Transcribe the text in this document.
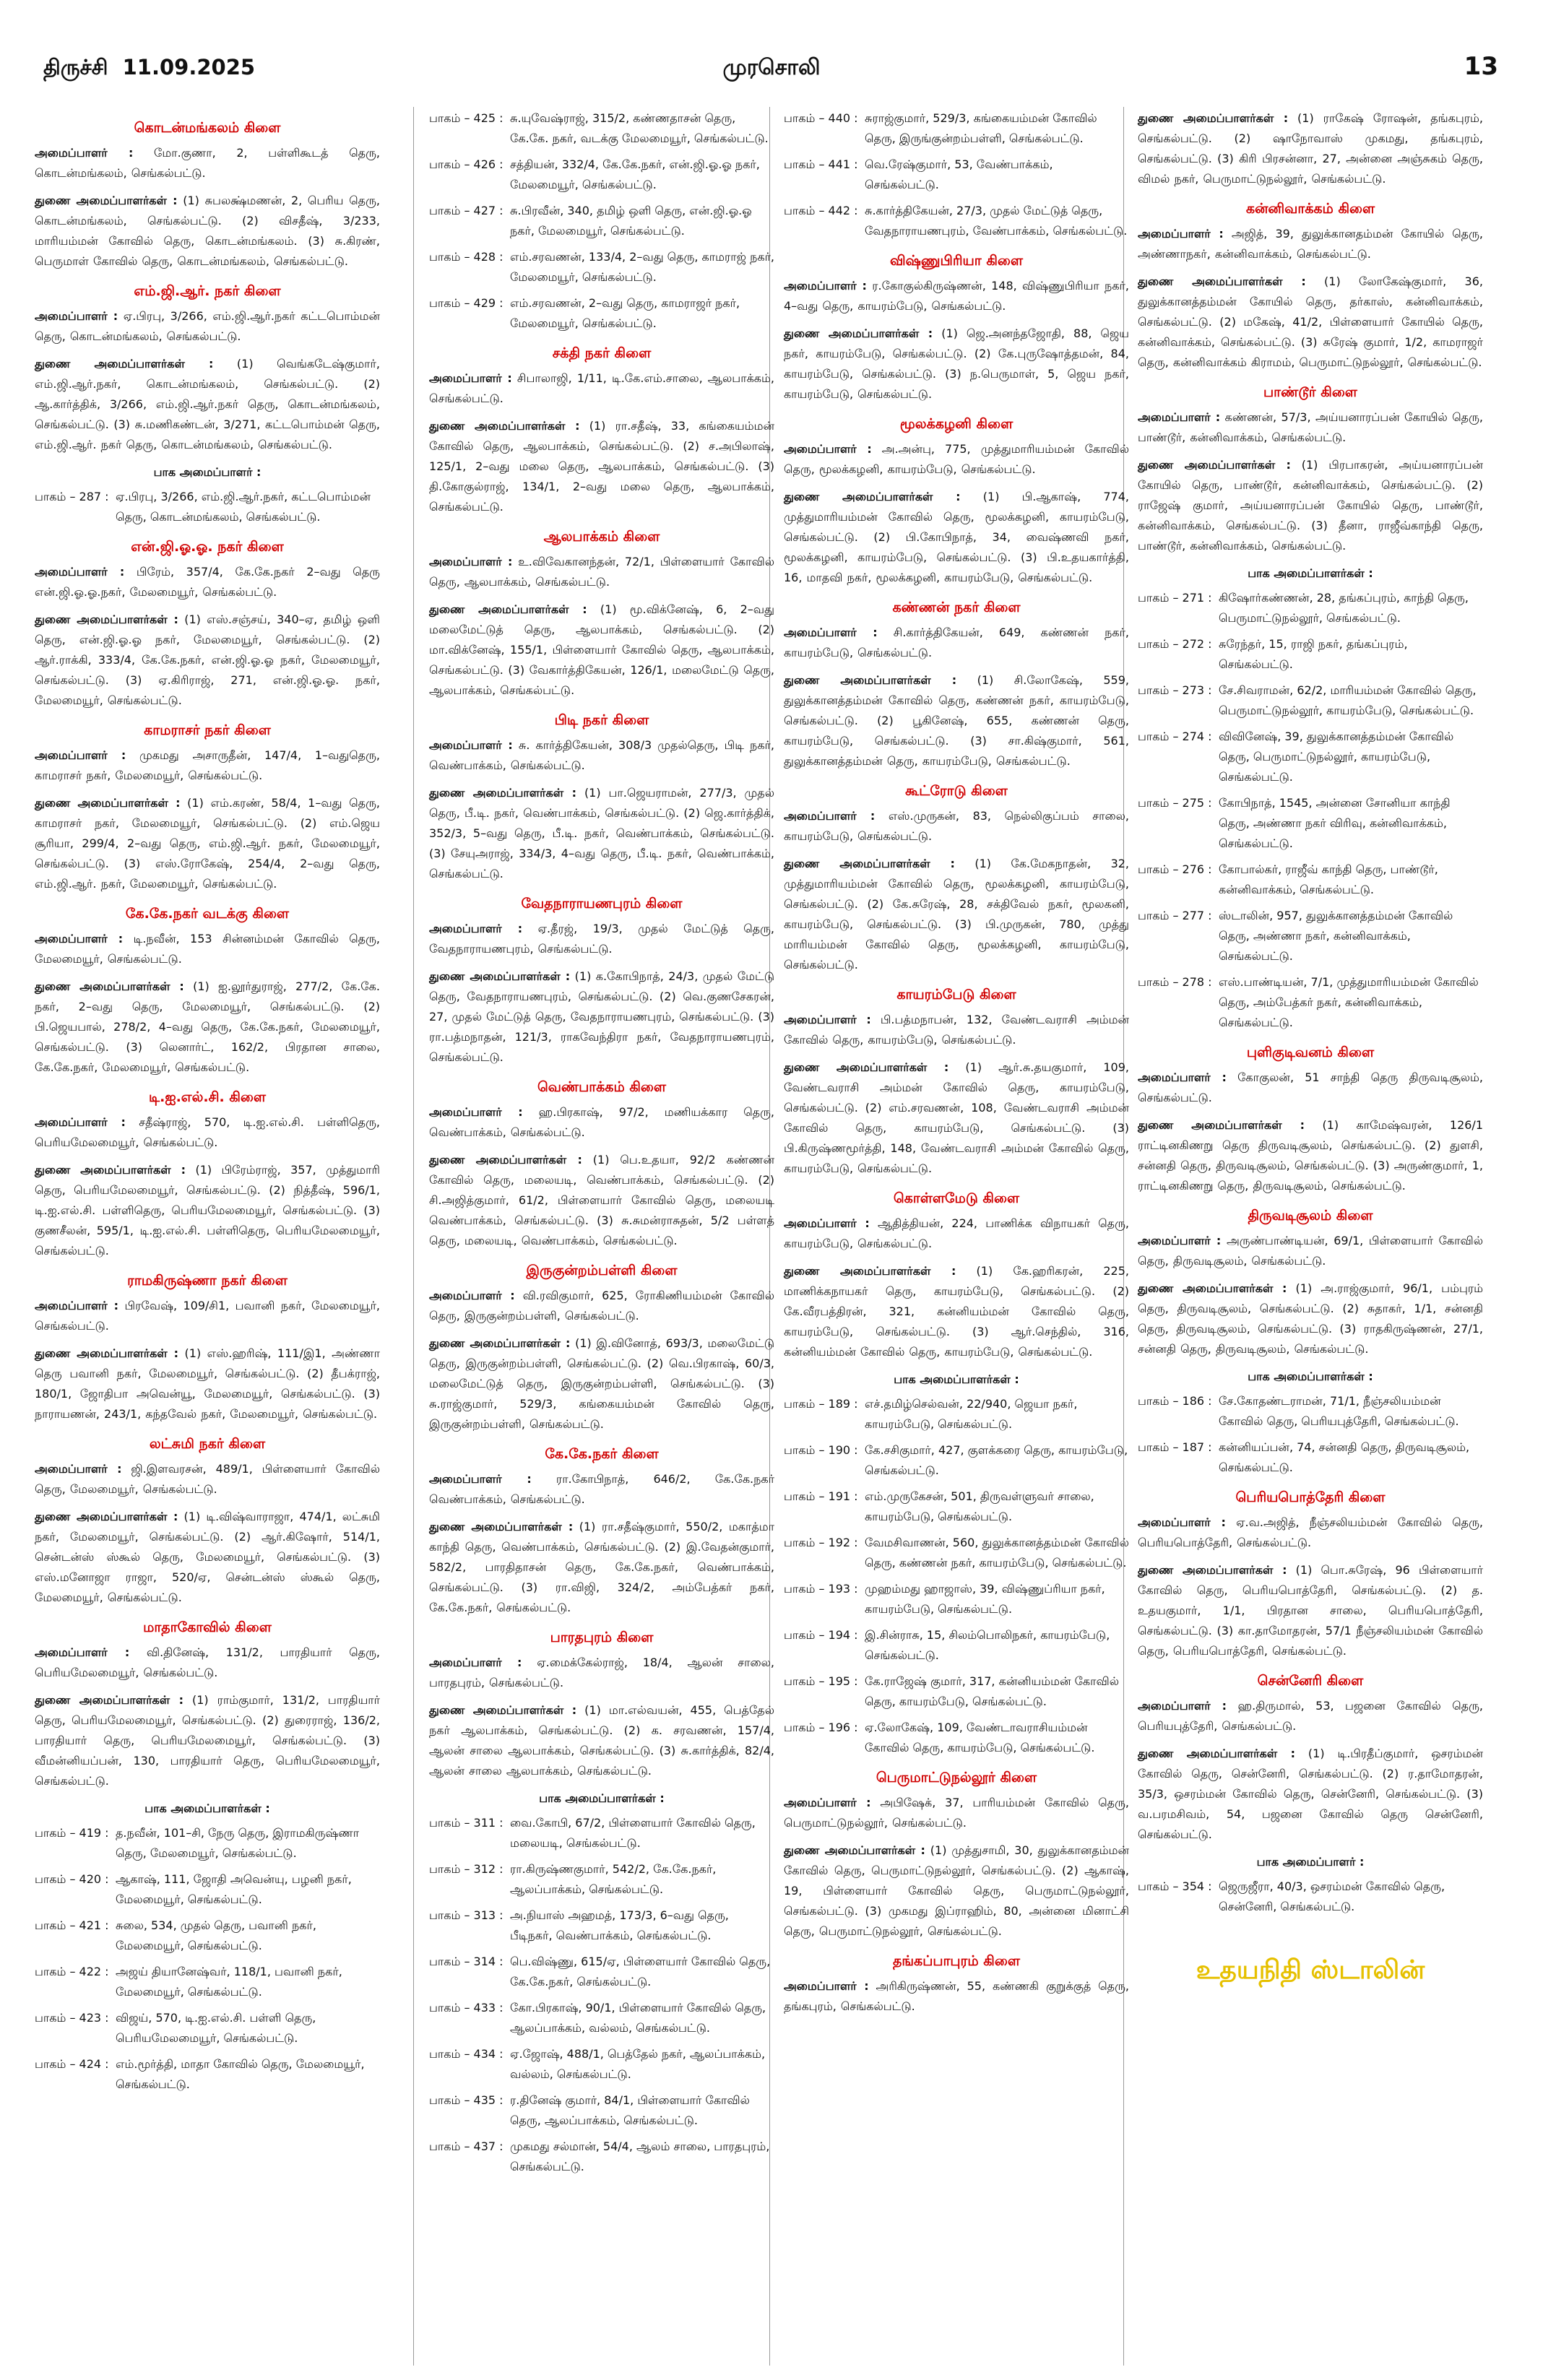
திருச்சி 11.09.2025	முரசொலி	13
கொடன்மங்கலம் கிளை
அமைப்பாளர் : மோ.குணா, 2, பள்ளிகூடத் தெரு, கொடன்மங்கலம், செங்கல்பட்டு.
துணை அமைப்பாளர்கள் : (1) சுபலக்ஷ்மணன், 2, பெரிய தெரு, கொடன்மங்கலம், செங்கல்பட்டு. (2) விசதீஷ், 3/233, மாரியம்மன் கோவில் தெரு, கொடன்மங்கலம். (3) சு.கிரண், பெருமாள் கோவில் தெரு, கொடன்மங்கலம், செங்கல்பட்டு.
எம்.ஜி.ஆர். நகர் கிளை
அமைப்பாளர் : ஏ.பிரபு, 3/266, எம்.ஜி.ஆர்.நகர் கட்டபொம்மன் தெரு, கொடன்மங்கலம், செங்கல்பட்டு.
துணை அமைப்பாளர்கள் : (1) வெங்கடேஷ்குமார், எம்.ஜி.ஆர்.நகர், கொடன்மங்கலம், செங்கல்பட்டு. (2) ஆ.கார்த்திக், 3/266, எம்.ஜி.ஆர்.நகர் தெரு, கொடன்மங்கலம், செங்கல்பட்டு. (3) சு.மணிகண்டன், 3/271, கட்டபொம்மன் தெரு, எம்.ஜி.ஆர். நகர் தெரு, கொடன்மங்கலம், செங்கல்பட்டு.
பாக அமைப்பாளர் :
பாகம் – 287 : ஏ.பிரபு, 3/266, எம்.ஜி.ஆர்.நகர், கட்டபொம்மன் தெரு, கொடன்மங்கலம், செங்கல்பட்டு.
என்.ஜி.ஓ.ஓ. நகர் கிளை
அமைப்பாளர் : பிரேம், 357/4, கே.கே.நகர் 2–வது தெரு என்.ஜி.ஓ.ஓ.நகர், மேலமையூர், செங்கல்பட்டு.
துணை அமைப்பாளர்கள் : (1) எஸ்.சஞ்சய், 340–ஏ, தமிழ் ஒளி தெரு, என்.ஜி.ஓ.ஓ நகர், மேலமையூர், செங்கல்பட்டு. (2) ஆர்.ராக்கி, 333/4, கே.கே.நகர், என்.ஜி.ஓ.ஓ நகர், மேலமையூர், செங்கல்பட்டு. (3) ஏ.கிரிராஜ், 271, என்.ஜி.ஓ.ஓ. நகர், மேலமையூர், செங்கல்பட்டு.
காமராசர் நகர் கிளை
அமைப்பாளர் : முகமது அசாருதீன், 147/4, 1–வதுதெரு, காமராசர் நகர், மேலமையூர், செங்கல்பட்டு.
துணை அமைப்பாளர்கள் : (1) எம்.கரண், 58/4, 1–வது தெரு, காமராசர் நகர், மேலமையூர், செங்கல்பட்டு. (2) எம்.ஜெய சூரியா, 299/4, 2–வது தெரு, எம்.ஜி.ஆர். நகர், மேலமையூர், செங்கல்பட்டு. (3) எஸ்.ரோகேஷ், 254/4, 2–வது தெரு, எம்.ஜி.ஆர். நகர், மேலமையூர், செங்கல்பட்டு.
கே.கே.நகர் வடக்கு கிளை
அமைப்பாளர் : டி.நவீன், 153 சின்னம்மன் கோவில் தெரு, மேலமையூர், செங்கல்பட்டு.
துணை அமைப்பாளர்கள் : (1) ஐ.லூர்துராஜ், 277/2, கே.கே. நகர், 2–வது தெரு, மேலமையூர், செங்கல்பட்டு. (2) பி.ஜெயபால், 278/2, 4–வது தெரு, கே.கே.நகர், மேலமையூர், செங்கல்பட்டு. (3) லெனார்ட், 162/2, பிரதான சாலை, கே.கே.நகர், மேலமையூர், செங்கல்பட்டு.
டி.ஐ.எல்.சி. கிளை
அமைப்பாளர் : சதீஷ்ராஜ், 570, டி.ஐ.எல்.சி. பள்ளிதெரு, பெரியமேலமையூர், செங்கல்பட்டு.
துணை அமைப்பாளர்கள் : (1) பிரேம்ராஜ், 357, முத்துமாரி தெரு, பெரியமேலமையூர், செங்கல்பட்டு. (2) நித்தீஷ், 596/1, டி.ஐ.எல்.சி. பள்ளிதெரு, பெரியமேலமையூர், செங்கல்பட்டு. (3) குணசீலன், 595/1, டி.ஐ.எல்.சி. பள்ளிதெரு, பெரியமேலமையூர், செங்கல்பட்டு.
ராமகிருஷ்ணா நகர் கிளை
அமைப்பாளர் : பிரவேஷ், 109/சி1, பவானி நகர், மேலமையூர், செங்கல்பட்டு.
துணை அமைப்பாளர்கள் : (1) எஸ்.ஹரிஷ், 111/இ1, அண்ணா தெரு பவானி நகர், மேலமையூர், செங்கல்பட்டு. (2) தீபக்ராஜ், 180/1, ஜோதிபா அவென்யூ, மேலமையூர், செங்கல்பட்டு. (3) நாராயணன், 243/1, கந்தவேல் நகர், மேலமையூர், செங்கல்பட்டு.
லட்சுமி நகர் கிளை
அமைப்பாளர் : ஜி.இளவரசன், 489/1, பிள்ளையார் கோவில் தெரு, மேலமையூர், செங்கல்பட்டு.
துணை அமைப்பாளர்கள் : (1) டி.விஷ்வாராஜா, 474/1, லட்சுமி நகர், மேலமையூர், செங்கல்பட்டு. (2) ஆர்.கிஷோர், 514/1, சென்டன்ஸ் ஸ்கூல் தெரு, மேலமையூர், செங்கல்பட்டு. (3) எஸ்.மனோஜா ராஜா, 520/ஏ, சென்டன்ஸ் ஸ்கூல் தெரு, மேலமையூர், செங்கல்பட்டு.
மாதாகோவில் கிளை
அமைப்பாளர் : வி.தினேஷ், 131/2, பாரதியார் தெரு, பெரியமேலமையூர், செங்கல்பட்டு.
துணை அமைப்பாளர்கள் : (1) ராம்குமார், 131/2, பாரதியார் தெரு, பெரியமேலமையூர், செங்கல்பட்டு. (2) துரைராஜ், 136/2, பாரதியார் தெரு, பெரியமேலமையூர், செங்கல்பட்டு. (3) வீமன்னியப்பன், 130, பாரதியார் தெரு, பெரியமேலமையூர், செங்கல்பட்டு.
பாக அமைப்பாளர்கள் :
பாகம் – 419 : த.நவீன், 101–சி, நேரு தெரு, இராமகிருஷ்ணா தெரு, மேலமையூர், செங்கல்பட்டு.
பாகம் – 420 : ஆகாஷ், 111, ஜோதி அவென்யு, பழனி நகர், மேலமையூர், செங்கல்பட்டு.
பாகம் – 421 : சுலை, 534, முதல் தெரு, பவானி நகர், மேலமையூர், செங்கல்பட்டு.
பாகம் – 422 : அஜய் தியானேஷ்வர், 118/1, பவானி நகர், மேலமையூர், செங்கல்பட்டு.
பாகம் – 423 : விஜய், 570, டி.ஐ.எல்.சி. பள்ளி தெரு, பெரியமேலமையூர், செங்கல்பட்டு.
பாகம் – 424 : எம்.மூர்த்தி, மாதா கோவில் தெரு, மேலமையூர், செங்கல்பட்டு.
பாகம் – 425 : சு.யுவேஷ்ராஜ், 315/2, கண்ணதாசன் தெரு, கே.கே. நகர், வடக்கு மேலமையூர், செங்கல்பட்டு.
பாகம் – 426 : சத்தியன், 332/4, கே.கே.நகர், என்.ஜி.ஓ.ஓ நகர், மேலமையூர், செங்கல்பட்டு.
பாகம் – 427 : சு.பிரவீன், 340, தமிழ் ஒளி தெரு, என்.ஜி.ஓ.ஓ நகர், மேலமையூர், செங்கல்பட்டு.
பாகம் – 428 : எம்.சரவணன், 133/4, 2–வது தெரு, காமராஜ் நகர், மேலமையூர், செங்கல்பட்டு.
பாகம் – 429 : எம்.சரவணன், 2–வது தெரு, காமராஜர் நகர், மேலமையூர், செங்கல்பட்டு.
சக்தி நகர் கிளை
அமைப்பாளர் : சிபாலாஜி, 1/11, டி.கே.எம்.சாலை, ஆலபாக்கம், செங்கல்பட்டு.
துணை அமைப்பாளர்கள் : (1) ரா.சதீஷ், 33, கங்கையம்மன் கோவில் தெரு, ஆலபாக்கம், செங்கல்பட்டு. (2) ச.அபிலாஷ், 125/1, 2–வது மலை தெரு, ஆலபாக்கம், செங்கல்பட்டு. (3) தி.கோகுல்ராஜ், 134/1, 2–வது மலை தெரு, ஆலபாக்கம், செங்கல்பட்டு.
ஆலபாக்கம் கிளை
அமைப்பாளர் : உ.விவேகானந்தன், 72/1, பிள்ளையார் கோவில் தெரு, ஆலபாக்கம், செங்கல்பட்டு.
துணை அமைப்பாளர்கள் : (1) மூ.விக்னேஷ், 6, 2–வது மலைமேட்டுத் தெரு, ஆலபாக்கம், செங்கல்பட்டு. (2) மா.விக்னேஷ், 155/1, பிள்ளையார் கோவில் தெரு, ஆலபாக்கம், செங்கல்பட்டு. (3) வேகார்த்திகேயன், 126/1, மலைமேட்டு தெரு, ஆலபாக்கம், செங்கல்பட்டு.
பிடி நகர் கிளை
அமைப்பாளர் : சு. கார்த்திகேயன், 308/3 முதல்தெரு, பிடி நகர், வெண்பாக்கம், செங்கல்பட்டு.
துணை அமைப்பாளர்கள் : (1) பா.ஜெயராமன், 277/3, முதல் தெரு, பீ.டி. நகர், வெண்பாக்கம், செங்கல்பட்டு. (2) ஜெ.கார்த்திக், 352/3, 5–வது தெரு, பீ.டி. நகர், வெண்பாக்கம், செங்கல்பட்டு. (3) சேயுஅராஜ், 334/3, 4–வது தெரு, பீ.டி. நகர், வெண்பாக்கம், செங்கல்பட்டு.
வேதநாராயணபுரம் கிளை
அமைப்பாளர் : ஏ.தீரஜ், 19/3, முதல் மேட்டுத் தெரு, வேதநாராயணபுரம், செங்கல்பட்டு.
துணை அமைப்பாளர்கள் : (1) க.கோபிநாத், 24/3, முதல் மேட்டு தெரு, வேதநாராயணபுரம், செங்கல்பட்டு. (2) வெ.குணசேகரன், 27, முதல் மேட்டுத் தெரு, வேதநாராயணபுரம், செங்கல்பட்டு. (3) ரா.பத்மநாதன், 121/3, ராகவேந்திரா நகர், வேதநாராயணபுரம், செங்கல்பட்டு.
வெண்பாக்கம் கிளை
அமைப்பாளர் : ஹ.பிரகாஷ், 97/2, மணியக்கார தெரு, வெண்பாக்கம், செங்கல்பட்டு.
துணை அமைப்பாளர்கள் : (1) பெ.உதயா, 92/2 கண்ணன் கோவில் தெரு, மலையடி, வெண்பாக்கம், செங்கல்பட்டு. (2) சி.அஜித்குமார், 61/2, பிள்ளையார் கோவில் தெரு, மலையடி வெண்பாக்கம், செங்கல்பட்டு. (3) சு.சுமன்ராசுதன், 5/2 பள்ளத் தெரு, மலையடி, வெண்பாக்கம், செங்கல்பட்டு.
இருகுன்றம்பள்ளி கிளை
அமைப்பாளர் : வி.ரவிகுமார், 625, ரோகிணியம்மன் கோவில் தெரு, இருகுன்றம்பள்ளி, செங்கல்பட்டு.
துணை அமைப்பாளர்கள் : (1) இ.வினோத், 693/3, மலைமேட்டு தெரு, இருகுன்றம்பள்ளி, செங்கல்பட்டு. (2) வெ.பிரகாஷ், 60/3, மலைமேட்டுத் தெரு, இருகுன்றம்பள்ளி, செங்கல்பட்டு. (3) சு.ராஜ்குமார், 529/3, கங்கையம்மன் கோவில் தெரு, இருகுன்றம்பள்ளி, செங்கல்பட்டு.
கே.கே.நகர் கிளை
அமைப்பாளர் : ரா.கோபிநாத், 646/2, கே.கே.நகர் வெண்பாக்கம், செங்கல்பட்டு.
துணை அமைப்பாளர்கள் : (1) ரா.சதீஷ்குமார், 550/2, மகாத்மா காந்தி தெரு, வெண்பாக்கம், செங்கல்பட்டு. (2) இ.வேதன்குமார், 582/2, பாரதிதாசன் தெரு, கே.கே.நகர், வெண்பாக்கம், செங்கல்பட்டு. (3) ரா.விஜி, 324/2, அம்பேத்கர் நகர், கே.கே.நகர், செங்கல்பட்டு.
பாரதபுரம் கிளை
அமைப்பாளர் : ஏ.மைக்கேல்ராஜ், 18/4, ஆலன் சாலை, பாரதபுரம், செங்கல்பட்டு.
துணை அமைப்பாளர்கள் : (1) மா.எல்வயன், 455, பெத்தேல் நகர் ஆலபாக்கம், செங்கல்பட்டு. (2) க. சரவணன், 157/4, ஆலன் சாலை ஆலபாக்கம், செங்கல்பட்டு. (3) சு.கார்த்திக், 82/4, ஆலன் சாலை ஆலபாக்கம், செங்கல்பட்டு.
பாக அமைப்பாளர்கள் :
பாகம் – 311 : வை.கோபி, 67/2, பிள்ளையார் கோவில் தெரு, மலையடி, செங்கல்பட்டு.
பாகம் – 312 : ரா.கிருஷ்ணகுமார், 542/2, கே.கே.நகர், ஆலப்பாக்கம், செங்கல்பட்டு.
பாகம் – 313 : அ.நியாஸ் அஹமத், 173/3, 6–வது தெரு, பீடிநகர், வெண்பாக்கம், செங்கல்பட்டு.
பாகம் – 314 : பெ.விஷ்ணு, 615/ஏ, பிள்ளையார் கோவில் தெரு, கே.கே.நகர், செங்கல்பட்டு.
பாகம் – 433 : கோ.பிரகாஷ், 90/1, பிள்ளையார் கோவில் தெரு, ஆலப்பாக்கம், வல்லம், செங்கல்பட்டு.
பாகம் – 434 : ஏ.ஜோஷ், 488/1, பெத்தேல் நகர், ஆலப்பாக்கம், வல்லம், செங்கல்பட்டு.
பாகம் – 435 : ர.தினேஷ் குமார், 84/1, பிள்ளையார் கோவில் தெரு, ஆலப்பாக்கம், செங்கல்பட்டு.
பாகம் – 437 : முகமது சல்மான், 54/4, ஆலம் சாலை, பாரதபுரம், செங்கல்பட்டு.
பாகம் – 440 : சுராஜ்குமார், 529/3, கங்கையம்மன் கோவில் தெரு, இருங்குன்றம்பள்ளி, செங்கல்பட்டு.
பாகம் – 441 : வெ.ரேஷ்குமார், 53, வேண்பாக்கம், செங்கல்பட்டு.
பாகம் – 442 : சு.கார்த்திகேயன், 27/3, முதல் மேட்டுத் தெரு, வேதநாராயணபுரம், வேண்பாக்கம், செங்கல்பட்டு.
விஷ்ணுபிரியா கிளை
அமைப்பாளர் : ர.கோகுல்கிருஷ்ணன், 148, விஷ்ணுபிரியா நகர், 4–வது தெரு, காயரம்பேடு, செங்கல்பட்டு.
துணை அமைப்பாளர்கள் : (1) ஜெ.அனந்தஜோதி, 88, ஜெய நகர், காயரம்பேடு, செங்கல்பட்டு. (2) கே.புருஷோத்தமன், 84, காயரம்பேடு, செங்கல்பட்டு. (3) ந.பெருமாள், 5, ஜெய நகர், காயரம்பேடு, செங்கல்பட்டு.
மூலக்கழனி கிளை
அமைப்பாளர் : அ.அன்பு, 775, முத்துமாரியம்மன் கோவில் தெரு, மூலக்கழனி, காயரம்பேடு, செங்கல்பட்டு.
துணை அமைப்பாளர்கள் : (1) பி.ஆகாஷ், 774, முத்துமாரியம்மன் கோவில் தெரு, மூலக்கழனி, காயரம்பேடு, செங்கல்பட்டு. (2) பி.கோபிநாத், 34, வைஷ்ணவி நகர், மூலக்கழனி, காயரம்பேடு, செங்கல்பட்டு. (3) பி.உதயகார்த்தி, 16, மாதவி நகர், மூலக்கழனி, காயரம்பேடு, செங்கல்பட்டு.
கண்ணன் நகர் கிளை
அமைப்பாளர் : சி.கார்த்திகேயன், 649, கண்ணன் நகர், காயரம்பேடு, செங்கல்பட்டு.
துணை அமைப்பாளர்கள் : (1) சி.லோகேஷ், 559, துலுக்கானத்தம்மன் கோவில் தெரு, கண்ணன் நகர், காயரம்பேடு, செங்கல்பட்டு. (2) பூகினேஷ், 655, கண்ணன் தெரு, காயரம்பேடு, செங்கல்பட்டு. (3) சா.கிஷ்குமார், 561, துலுக்கானத்தம்மன் தெரு, காயரம்பேடு, செங்கல்பட்டு.
கூட்ரோடு கிளை
அமைப்பாளர் : எஸ்.முருகன், 83, நெல்லிகுப்பம் சாலை, காயரம்பேடு, செங்கல்பட்டு.
துணை அமைப்பாளர்கள் : (1) கே.மேகநாதன், 32, முத்துமாரியம்மன் கோவில் தெரு, மூலக்கழனி, காயரம்பேடு, செங்கல்பட்டு. (2) கே.சுரேஷ், 28, சக்திவேல் நகர், மூலகனி, காயரம்பேடு, செங்கல்பட்டு. (3) பி.முருகன், 780, முத்து மாரியம்மன் கோவில் தெரு, மூலக்கழனி, காயரம்பேடு, செங்கல்பட்டு.
காயரம்பேடு கிளை
அமைப்பாளர் : பி.பத்மநாபன், 132, வேண்டவராசி அம்மன் கோவில் தெரு, காயரம்பேடு, செங்கல்பட்டு.
துணை அமைப்பாளர்கள் : (1) ஆர்.சு.தயகுமார், 109, வேண்டவராசி அம்மன் கோவில் தெரு, காயரம்பேடு, செங்கல்பட்டு. (2) எம்.சரவணன், 108, வேண்டவராசி அம்மன் கோவில் தெரு, காயரம்பேடு, செங்கல்பட்டு. (3) பி.கிருஷ்ணமூர்த்தி, 148, வேண்டவராசி அம்மன் கோவில் தெரு, காயரம்பேடு, செங்கல்பட்டு.
கொள்ளமேடு கிளை
அமைப்பாளர் : ஆதித்தியன், 224, பாணிக்க விநாயகர் தெரு, காயரம்பேடு, செங்கல்பட்டு.
துணை அமைப்பாளர்கள் : (1) கே.ஹரிகரன், 225, மாணிக்கநாயகர் தெரு, காயரம்பேடு, செங்கல்பட்டு. (2) கே.வீரபத்திரன், 321, கன்னியம்மன் கோவில் தெரு, காயரம்பேடு, செங்கல்பட்டு. (3) ஆர்.செந்தில், 316, கன்னியம்மன் கோவில் தெரு, காயரம்பேடு, செங்கல்பட்டு.
பாக அமைப்பாளர்கள் :
பாகம் – 189 : எச்.தமிழ்செல்வன், 22/940, ஜெயா நகர், காயரம்பேடு, செங்கல்பட்டு.
பாகம் – 190 : கே.சசிகுமார், 427, குளக்கரை தெரு, காயரம்பேடு, செங்கல்பட்டு.
பாகம் – 191 : எம்.முருகேசன், 501, திருவள்ளுவர் சாலை, காயரம்பேடு, செங்கல்பட்டு.
பாகம் – 192 : வேமசிவாணன், 560, துலுக்கானத்தம்மன் கோவில் தெரு, கண்ணன் நகர், காயரம்பேடு, செங்கல்பட்டு.
பாகம் – 193 : முஹம்மது ஹாஜாஸ், 39, விஷ்ணுப்ரியா நகர், காயரம்பேடு, செங்கல்பட்டு.
பாகம் – 194 : இ.சின்ராசு, 15, சிலம்பொலிநகர், காயரம்பேடு, செங்கல்பட்டு.
பாகம் – 195 : கே.ராஜேஷ் குமார், 317, கன்னியம்மன் கோவில் தெரு, காயரம்பேடு, செங்கல்பட்டு.
பாகம் – 196 : ஏ.லோகேஷ், 109, வேண்டாவராசியம்மன் கோவில் தெரு, காயரம்பேடு, செங்கல்பட்டு.
பெருமாட்டுநல்லூர் கிளை
அமைப்பாளர் : அபிஷேக், 37, பாரியம்மன் கோவில் தெரு, பெருமாட்டுநல்லூர், செங்கல்பட்டு.
துணை அமைப்பாளர்கள் : (1) முத்துசாமி, 30, துலுக்கானதம்மன் கோவில் தெரு, பெருமாட்டுநல்லூர், செங்கல்பட்டு. (2) ஆகாஷ், 19, பிள்ளையார் கோவில் தெரு, பெருமாட்டுநல்லூர், செங்கல்பட்டு. (3) முகமது இப்ராஹிம், 80, அன்னை மினாட்சி தெரு, பெருமாட்டுநல்லூர், செங்கல்பட்டு.
தங்கப்பாபுரம் கிளை
அமைப்பாளர் : அரிகிருஷ்ணன், 55, கண்ணகி குறுக்குத் தெரு, தங்கபுரம், செங்கல்பட்டு.
துணை அமைப்பாளர்கள் : (1) ராகேஷ் ரோஷன், தங்கபுரம், செங்கல்பட்டு. (2) ஷாநோவாஸ் முகமது, தங்கபுரம், செங்கல்பட்டு. (3) கிரி பிரசன்னா, 27, அன்னை அஞ்சுகம் தெரு, விமல் நகர், பெருமாட்டுநல்லூர், செங்கல்பட்டு.
கன்னிவாக்கம் கிளை
அமைப்பாளர் : அஜித், 39, துலுக்கானதம்மன் கோயில் தெரு, அண்ணாநகர், கன்னிவாக்கம், செங்கல்பட்டு.
துணை அமைப்பாளர்கள் : (1) லோகேஷ்குமார், 36, துலுக்கானத்தம்மன் கோயில் தெரு, தர்காஸ், கன்னிவாக்கம், செங்கல்பட்டு. (2) மகேஷ், 41/2, பிள்ளையார் கோயில் தெரு, கன்னிவாக்கம், செங்கல்பட்டு. (3) சுரேஷ் குமார், 1/2, காமராஜர் தெரு, கன்னிவாக்கம் கிராமம், பெருமாட்டுநல்லூர், செங்கல்பட்டு.
பாண்டூர் கிளை
அமைப்பாளர் : கண்ணன், 57/3, அய்யனாரப்பன் கோயில் தெரு, பாண்டூர், கன்னிவாக்கம், செங்கல்பட்டு.
துணை அமைப்பாளர்கள் : (1) பிரபாகரன், அய்யனாரப்பன் கோயில் தெரு, பாண்டூர், கன்னிவாக்கம், செங்கல்பட்டு. (2) ராஜேஷ் குமார், அய்யனாரப்பன் கோயில் தெரு, பாண்டூர், கன்னிவாக்கம், செங்கல்பட்டு. (3) தீனா, ராஜீவ்காந்தி தெரு, பாண்டூர், கன்னிவாக்கம், செங்கல்பட்டு.
பாக அமைப்பாளர்கள் :
பாகம் – 271 : கிஷோர்கண்ணன், 28, தங்கப்புரம், காந்தி தெரு, பெருமாட்டுநல்லூர், செங்கல்பட்டு.
பாகம் – 272 : சுரேந்தர், 15, ராஜி நகர், தங்கப்புரம், செங்கல்பட்டு.
பாகம் – 273 : சே.சிவராமன், 62/2, மாரியம்மன் கோவில் தெரு, பெருமாட்டுநல்லூர், காயரம்பேடு, செங்கல்பட்டு.
பாகம் – 274 : விவினேஷ், 39, துலுக்கானத்தம்மன் கோவில் தெரு, பெருமாட்டுநல்லூர், காயரம்பேடு, செங்கல்பட்டு.
பாகம் – 275 : கோபிநாத், 1545, அன்னை சோனியா காந்தி தெரு, அண்ணா நகர் விரிவு, கன்னிவாக்கம், செங்கல்பட்டு.
பாகம் – 276 : கோபால்கர், ராஜீவ் காந்தி தெரு, பாண்டூர், கன்னிவாக்கம், செங்கல்பட்டு.
பாகம் – 277 : ஸ்டாலின், 957, துலுக்கானத்தம்மன் கோவில் தெரு, அண்ணா நகர், கன்னிவாக்கம், செங்கல்பட்டு.
பாகம் – 278 : எஸ்.பாண்டியன், 7/1, முத்துமாரியம்மன் கோவில் தெரு, அம்பேத்கர் நகர், கன்னிவாக்கம், செங்கல்பட்டு.
புளிகுடிவனம் கிளை
அமைப்பாளர் : கோகுலன், 51 சாந்தி தெரு திருவடிசூலம், செங்கல்பட்டு.
துணை அமைப்பாளர்கள் : (1) காமேஷ்வரன், 126/1 ராட்டினகிணறு தெரு திருவடிசூலம், செங்கல்பட்டு. (2) துளசி, சன்னதி தெரு, திருவடிசூலம், செங்கல்பட்டு. (3) அருண்குமார், 1, ராட்டினகிணறு தெரு, திருவடிசூலம், செங்கல்பட்டு.
திருவடிசூலம் கிளை
அமைப்பாளர் : அருண்பாண்டியன், 69/1, பிள்ளையார் கோவில் தெரு, திருவடிசூலம், செங்கல்பட்டு.
துணை அமைப்பாளர்கள் : (1) அ.ராஜ்குமார், 96/1, பம்புரம் தெரு, திருவடிசூலம், செங்கல்பட்டு. (2) சுதாகர், 1/1, சன்னதி தெரு, திருவடிசூலம், செங்கல்பட்டு. (3) ராதகிருஷ்ணன், 27/1, சன்னதி தெரு, திருவடிசூலம், செங்கல்பட்டு.
பாக அமைப்பாளர்கள் :
பாகம் – 186 : சே.கோதண்டராமன், 71/1, நீஞ்சலியம்மன் கோவில் தெரு, பெரியபுத்தேரி, செங்கல்பட்டு.
பாகம் – 187 : கன்னியப்பன், 74, சன்னதி தெரு, திருவடிசூலம், செங்கல்பட்டு.
பெரியபொத்தேரி கிளை
அமைப்பாளர் : ஏ.வ.அஜித், நீஞ்சலியம்மன் கோவில் தெரு, பெரியபொத்தேரி, செங்கல்பட்டு.
துணை அமைப்பாளர்கள் : (1) பொ.சுரேஷ், 96 பிள்ளையார் கோவில் தெரு, பெரியபொத்தேரி, செங்கல்பட்டு. (2) த. உதயகுமார், 1/1, பிரதான சாலை, பெரியபொத்தேரி, செங்கல்பட்டு. (3) கா.தாமோதரன், 57/1 நீஞ்சலியம்மன் கோவில் தெரு, பெரியபொத்தேரி, செங்கல்பட்டு.
சென்னேரி கிளை
அமைப்பாளர் : ஹ.திருமால், 53, பஜனை கோவில் தெரு, பெரியபுத்தேரி, செங்கல்பட்டு.
துணை அமைப்பாளர்கள் : (1) டி.பிரதீப்குமார், ஒசரம்மன் கோவில் தெரு, சென்னேரி, செங்கல்பட்டு. (2) ர.தாமோதரன், 35/3, ஒசரம்மன் கோவில் தெரு, சென்னேரி, செங்கல்பட்டு. (3) வ.பரமசிவம், 54, பஜனை கோவில் தெரு சென்னேரி, செங்கல்பட்டு.
பாக அமைப்பாளர் :
பாகம் – 354 : ஜெருஜீரா, 40/3, ஒசரம்மன் கோவில் தெரு, சென்னேரி, செங்கல்பட்டு.
உதயநிதி ஸ்டாலின்
